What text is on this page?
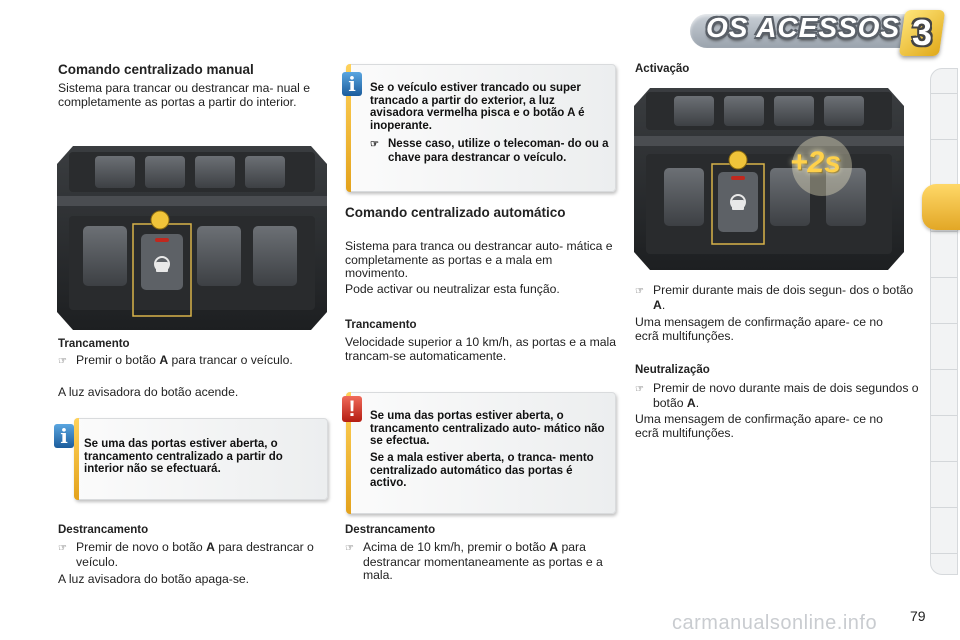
OS ACESSOS 3
Comando centralizado manual
Sistema para trancar ou destrancar ma- nual e completamente as portas a partir do interior.
Trancamento
☞ Premir o botão A para trancar o veículo.
A luz avisadora do botão acende.
i	Se uma das portas estiver aberta, o trancamento centralizado a partir do interior não se efectuará.
Destrancamento
☞ Premir de novo o botão A para destrancar o veículo.
A luz avisadora do botão apaga-se.
i	Se o veículo estiver trancado ou super trancado a partir do exterior, a luz avisadora vermelha pisca e o botão A é inoperante.
☞ Nesse caso, utilize o telecoman- do ou a chave para destrancar o veículo.
Comando centralizado automático
Sistema para tranca ou destrancar auto- mática e completamente as portas e a mala em movimento.
Pode activar ou neutralizar esta função.
Trancamento
Velocidade superior a 10 km/h, as portas e a mala trancam-se automaticamente.
!	Se uma das portas estiver aberta, o trancamento centralizado auto- mático não se efectua.
Se a mala estiver aberta, o tranca- mento centralizado automático das portas é activo.
Destrancamento
☞ Acima de 10 km/h, premir o botão A para destrancar momentaneamente as portas e a mala.
Activação
+2s
☞ Premir durante mais de dois segun- dos o botão A.
Uma mensagem de confirmação apare- ce no ecrã multifunções.
Neutralização
☞ Premir de novo durante mais de dois segundos o botão A.
Uma mensagem de confirmação apare- ce no ecrã multifunções.
carmanualsonline.info 79
